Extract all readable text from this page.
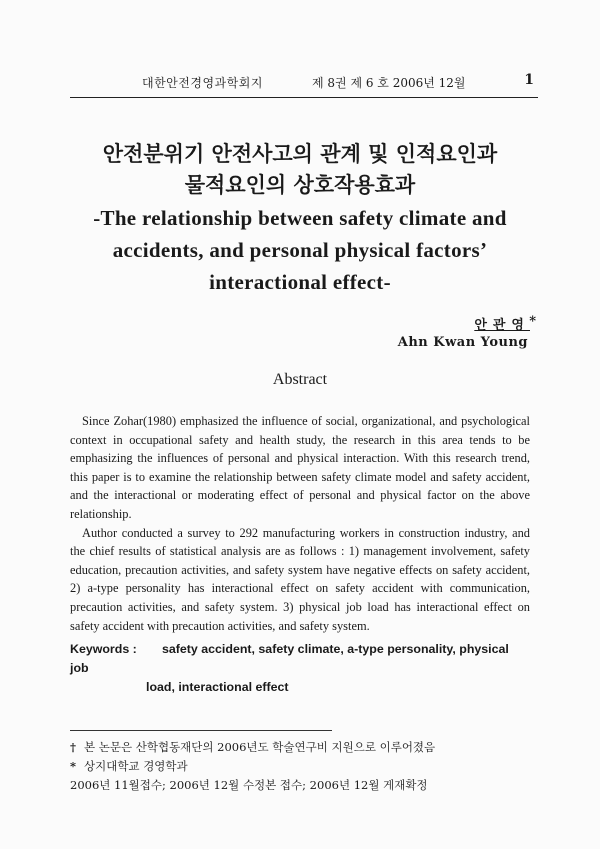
대한안전경영과학회지	제 8권 제 6 호 2006년 12월	1
안전분위기 안전사고의 관계 및 인적요인과
물적요인의 상호작용효과
-The relationship between safety climate and
accidents, and personal physical factors’
interactional effect-
안관영 *
Ahn Kwan Young
Abstract

Since Zohar(1980) emphasized the influence of social, organizational, and psychological context in occupational safety and health study, the research in this area tends to be emphasizing the influences of personal and physical interaction. With this research trend, this paper is to examine the relationship between safety climate model and safety accident, and the interactional or moderating effect of personal and physical factor on the above relationship.

Author conducted a survey to 292 manufacturing workers in construction industry, and the chief results of statistical analysis are as follows : 1) management involvement, safety education, precaution activities, and safety system have negative effects on safety accident, 2) a-type personality has interactional effect on safety accident with communication, precaution activities, and safety system. 3) physical job load has interactional effect on safety accident with precaution activities, and safety system.

Keywords : safety accident, safety climate, a-type personality, physical job
load, interactional effect
† 본 논문은 산학협동재단의 2006년도 학술연구비 지원으로 이루어졌음
* 상지대학교 경영학과
2006년 11월접수; 2006년 12월 수정본 접수; 2006년 12월 게재확정
